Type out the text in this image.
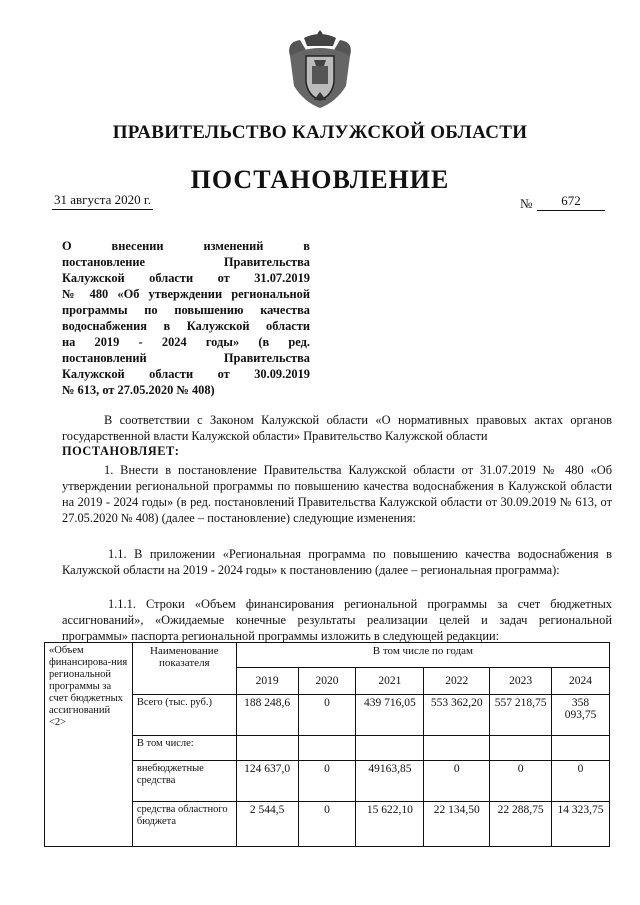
ПРАВИТЕЛЬСТВО КАЛУЖСКОЙ ОБЛАСТИ
ПОСТАНОВЛЕНИЕ
31 августа 2020 г.	№	672
О внесении изменений в
постановление Правительства
Калужской области от 31.07.2019
№ 480 «Об утверждении региональной
программы по повышению качества
водоснабжения в Калужской области
на 2019 - 2024 годы» (в ред.
постановлений Правительства
Калужской области от 30.09.2019
№ 613, от 27.05.2020 № 408)
В соответствии с Законом Калужской области «О нормативных правовых актах органов государственной власти Калужской области» Правительство Калужской области
ПОСТАНОВЛЯЕТ:
1. Внести в постановление Правительства Калужской области от 31.07.2019 № 480 «Об утверждении региональной программы по повышению качества водоснабжения в Калужской области на 2019 - 2024 годы» (в ред. постановлений Правительства Калужской области от 30.09.2019 № 613, от 27.05.2020 № 408) (далее – постановление) следующие изменения:
1.1. В приложении «Региональная программа по повышению качества водоснабжения в Калужской области на 2019 - 2024 годы» к постановлению (далее – региональная программа):
1.1.1. Строки «Объем финансирования региональной программы за счет бюджетных ассигнований», «Ожидаемые конечные результаты реализации целей и задач региональной программы» паспорта региональной программы изложить в следующей редакции:
«Объем финансирова-ния региональной программы за счет бюджетных ассигнований <2>	Наименование показателя	В том числе по годам					
		2019	2020	2021	2022	2023	2024
	Всего (тыс. руб.)	188 248,6	0	439 716,05	553 362,20	557 218,75	358 093,75
	В том числе:						
	внебюджетные средства	124 637,0	0	49163,85	0	0	0
	средства областного бюджета	2 544,5	0	15 622,10	22 134,50	22 288,75	14 323,75
